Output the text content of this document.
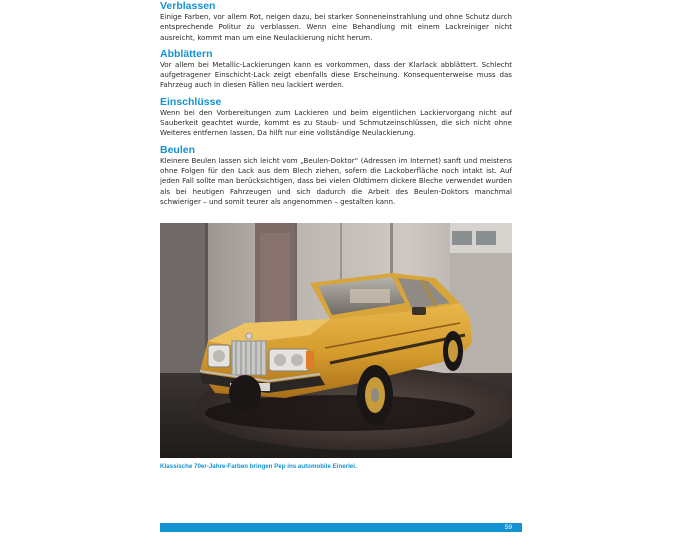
Verblassen

Einige Farben, vor allem Rot, neigen dazu, bei starker Sonneneinstrahlung und ohne Schutz durch entsprechende Politur zu verblassen. Wenn eine Behandlung mit einem Lackreiniger nicht ausreicht, kommt man um eine Neulackierung nicht herum.

Abblättern

Vor allem bei Metallic-Lackierungen kann es vorkommen, dass der Klarlack abblättert. Schlecht aufgetragener Einschicht-Lack zeigt ebenfalls diese Erscheinung. Konsequenterweise muss das Fahrzeug auch in diesen Fällen neu lackiert werden.

Einschlüsse

Wenn bei den Vorbereitungen zum Lackieren und beim eigentlichen Lackiervorgang nicht auf Sauberkeit geachtet wurde, kommt es zu Staub- und Schmutzeinschlüssen, die sich nicht ohne Weiteres entfernen lassen. Da hilft nur eine vollständige Neulackierung.

Beulen

Kleinere Beulen lassen sich leicht vom „Beulen-Doktor“ (Adressen im Internet) sanft und meistens ohne Folgen für den Lack aus dem Blech ziehen, sofern die Lackoberfläche noch intakt ist. Auf jeden Fall sollte man berücksichtigen, dass bei vielen Oldtimern dickere Bleche verwendet wurden als bei heutigen Fahrzeugen und sich dadurch die Arbeit des Beulen-Doktors manchmal schwieriger – und somit teurer als angenommen – gestalten kann.

Klassische 70er-Jahre-Farben bringen Pep ins automobile Einerlei.
59
